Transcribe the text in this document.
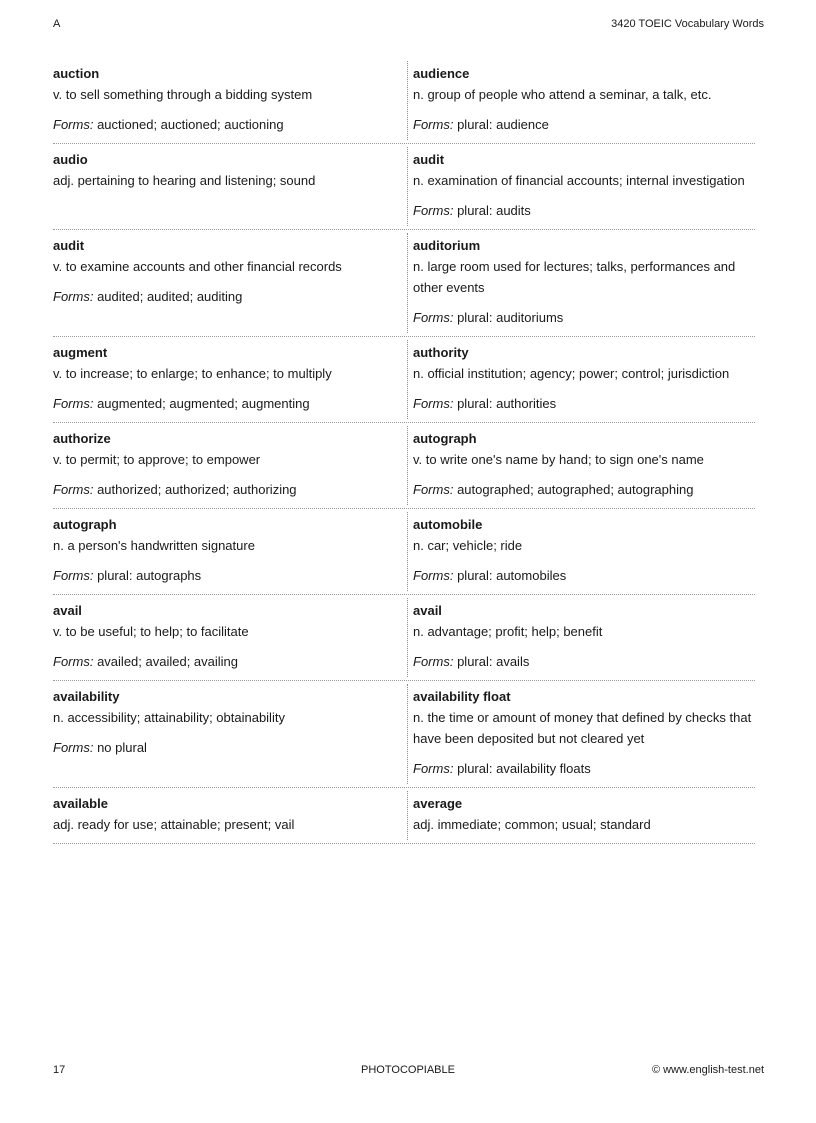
A	3420 TOEIC Vocabulary Words
auction
v. to sell something through a bidding system
Forms: auctioned; auctioned; auctioning
audience
n. group of people who attend a seminar, a talk, etc.
Forms: plural: audience
audio
adj. pertaining to hearing and listening; sound
audit
n. examination of financial accounts; internal investigation
Forms: plural: audits
audit
v. to examine accounts and other financial records
Forms: audited; audited; auditing
auditorium
n. large room used for lectures; talks, performances and other events
Forms: plural: auditoriums
augment
v. to increase; to enlarge; to enhance; to multiply
Forms: augmented; augmented; augmenting
authority
n. official institution; agency; power; control; jurisdiction
Forms: plural: authorities
authorize
v. to permit; to approve; to empower
Forms: authorized; authorized; authorizing
autograph
v. to write one's name by hand; to sign one's name
Forms: autographed; autographed; autographing
autograph
n. a person's handwritten signature
Forms: plural: autographs
automobile
n. car; vehicle; ride
Forms: plural: automobiles
avail
v. to be useful; to help; to facilitate
Forms: availed; availed; availing
avail
n. advantage; profit; help; benefit
Forms: plural: avails
availability
n. accessibility; attainability; obtainability
Forms: no plural
availability float
n. the time or amount of money that defined by checks that have been deposited but not cleared yet
Forms: plural: availability floats
available
adj. ready for use; attainable; present; vail
average
adj. immediate; common; usual; standard
17	PHOTOCOPIABLE	© www.english-test.net
